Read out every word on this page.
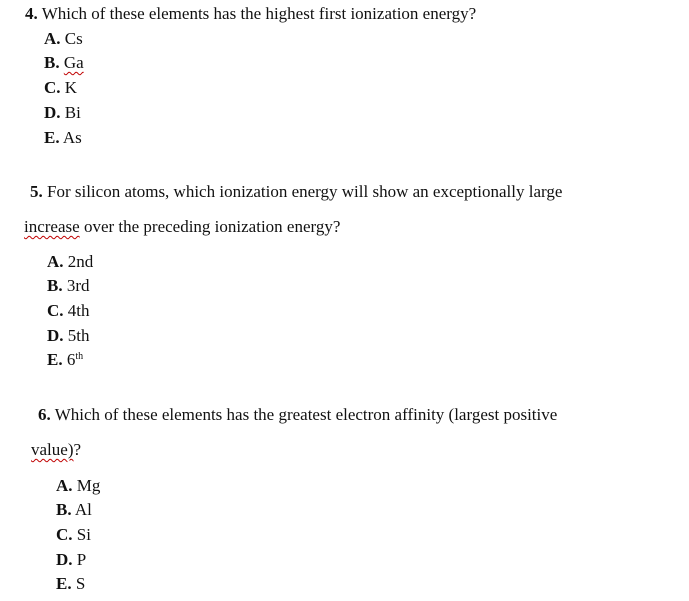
4. Which of these elements has the highest first ionization energy?
A. Cs
B. Ga
C. K
D. Bi
E. As
5. For silicon atoms, which ionization energy will show an exceptionally large
increase over the preceding ionization energy?
A. 2nd
B. 3rd
C. 4th
D. 5th
E. 6th
6. Which of these elements has the greatest electron affinity (largest positive
value)?
A. Mg
B. Al
C. Si
D. P
E. S
